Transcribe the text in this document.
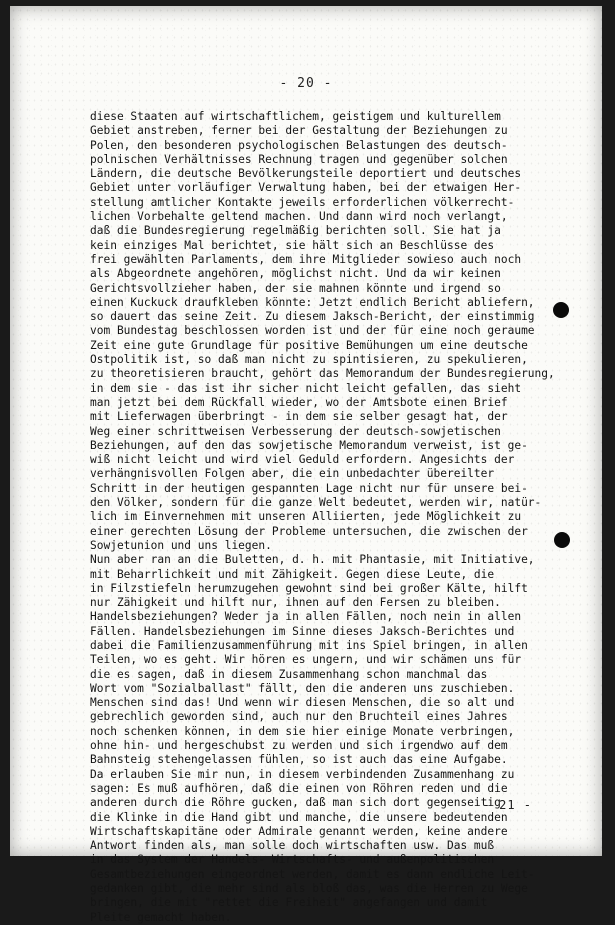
- 20 -
diese Staaten auf wirtschaftlichem, geistigem und kulturellem
Gebiet anstreben, ferner bei der Gestaltung der Beziehungen zu
Polen, den besonderen psychologischen Belastungen des deutsch-
polnischen Verhältnisses Rechnung tragen und gegenüber solchen
Ländern, die deutsche Bevölkerungsteile deportiert und deutsches
Gebiet unter vorläufiger Verwaltung haben, bei der etwaigen Her-
stellung amtlicher Kontakte jeweils erforderlichen völkerrecht-
lichen Vorbehalte geltend machen. Und dann wird noch verlangt,
daß die Bundesregierung regelmäßig berichten soll. Sie hat ja
kein einziges Mal berichtet, sie hält sich an Beschlüsse des
frei gewählten Parlaments, dem ihre Mitglieder sowieso auch noch
als Abgeordnete angehören, möglichst nicht. Und da wir keinen
Gerichtsvollzieher haben, der sie mahnen könnte und irgend so
einen Kuckuck draufkleben könnte: Jetzt endlich Bericht abliefern,
so dauert das seine Zeit. Zu diesem Jaksch-Bericht, der einstimmig
vom Bundestag beschlossen worden ist und der für eine noch geraume
Zeit eine gute Grundlage für positive Bemühungen um eine deutsche
Ostpolitik ist, so daß man nicht zu spintisieren, zu spekulieren,
zu theoretisieren braucht, gehört das Memorandum der Bundesregierung,
in dem sie - das ist ihr sicher nicht leicht gefallen, das sieht
man jetzt bei dem Rückfall wieder, wo der Amtsbote einen Brief
mit Lieferwagen überbringt - in dem sie selber gesagt hat, der
Weg einer schrittweisen Verbesserung der deutsch-sowjetischen
Beziehungen, auf den das sowjetische Memorandum verweist, ist ge-
wiß nicht leicht und wird viel Geduld erfordern. Angesichts der
verhängnisvollen Folgen aber, die ein unbedachter übereilter
Schritt in der heutigen gespannten Lage nicht nur für unsere bei-
den Völker, sondern für die ganze Welt bedeutet, werden wir, natür-
lich im Einvernehmen mit unseren Alliierten, jede Möglichkeit zu
einer gerechten Lösung der Probleme untersuchen, die zwischen der
Sowjetunion und uns liegen.
Nun aber ran an die Buletten, d. h. mit Phantasie, mit Initiative,
mit Beharrlichkeit und mit Zähigkeit. Gegen diese Leute, die
in Filzstiefeln herumzugehen gewohnt sind bei großer Kälte, hilft
nur Zähigkeit und hilft nur, ihnen auf den Fersen zu bleiben.
Handelsbeziehungen? Weder ja in allen Fällen, noch nein in allen
Fällen. Handelsbeziehungen im Sinne dieses Jaksch-Berichtes und
dabei die Familienzusammenführung mit ins Spiel bringen, in allen
Teilen, wo es geht. Wir hören es ungern, und wir schämen uns für
die es sagen, daß in diesem Zusammenhang schon manchmal das
Wort vom "Sozialballast" fällt, den die anderen uns zuschieben.
Menschen sind das! Und wenn wir diesen Menschen, die so alt und
gebrechlich geworden sind, auch nur den Bruchteil eines Jahres
noch schenken können, in dem sie hier einige Monate verbringen,
ohne hin- und hergeschubst zu werden und sich irgendwo auf dem
Bahnsteig stehengelassen fühlen, so ist auch das eine Aufgabe.
Da erlauben Sie mir nun, in diesem verbindenden Zusammenhang zu
sagen: Es muß aufhören, daß die einen von Röhren reden und die
anderen durch die Röhre gucken, daß man sich dort gegenseitig
die Klinke in die Hand gibt und manche, die unsere bedeutenden
Wirtschaftskapitäne oder Admirale genannt werden, keine andere
Antwort finden als, man solle doch wirtschaften usw. Das muß
in das System der Handels- Wirtschafts- und außenpolitischen
Gesamtbeziehungen eingeordnet werden, damit es dann endliche Leit-
gedanken gibt, die mehr sind als bloß das, was die Herren zu Wege
bringen, die mit "rettet die Freiheit" angefangen und damit
Pleite gemacht haben.
- 21 -
